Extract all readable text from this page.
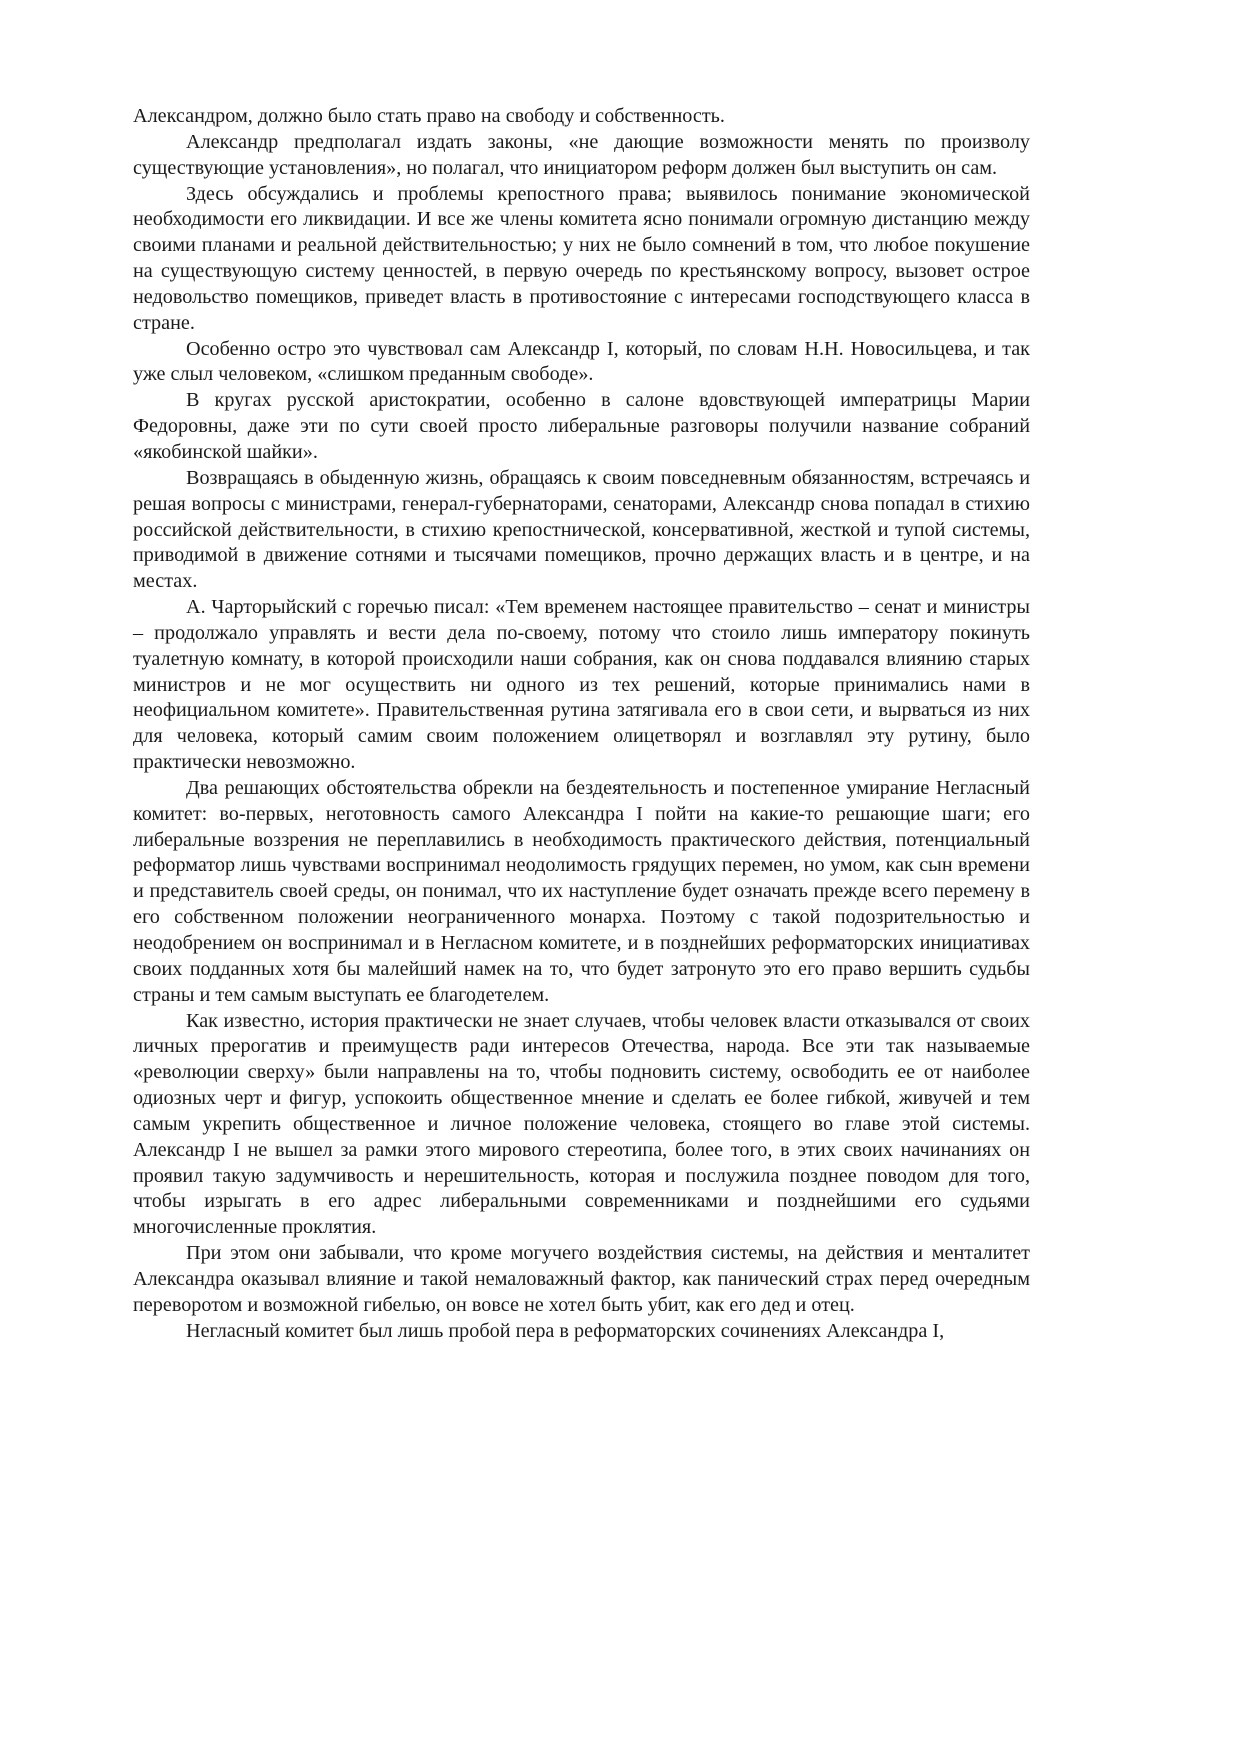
Александром, должно было стать право на свободу и собственность.

Александр предполагал издать законы, «не дающие возможности менять по произволу существующие установления», но полагал, что инициатором реформ должен был выступить он сам.

Здесь обсуждались и проблемы крепостного права; выявилось понимание экономической необходимости его ликвидации. И все же члены комитета ясно понимали огромную дистанцию между своими планами и реальной действительностью; у них не было сомнений в том, что любое покушение на существующую систему ценностей, в первую очередь по крестьянскому вопросу, вызовет острое недовольство помещиков, приведет власть в противостояние с интересами господствующего класса в стране.

Особенно остро это чувствовал сам Александр I, который, по словам Н.Н. Новосильцева, и так уже слыл человеком, «слишком преданным свободе».

В кругах русской аристократии, особенно в салоне вдовствующей императрицы Марии Федоровны, даже эти по сути своей просто либеральные разговоры получили название собраний «якобинской шайки».

Возвращаясь в обыденную жизнь, обращаясь к своим повседневным обязанностям, встречаясь и решая вопросы с министрами, генерал-губернаторами, сенаторами, Александр снова попадал в стихию российской действительности, в стихию крепостнической, консервативной, жесткой и тупой системы, приводимой в движение сотнями и тысячами помещиков, прочно держащих власть и в центре, и на местах.

А. Чарторыйский с горечью писал: «Тем временем настоящее правительство – сенат и министры – продолжало управлять и вести дела по-своему, потому что стоило лишь императору покинуть туалетную комнату, в которой происходили наши собрания, как он снова поддавался влиянию старых министров и не мог осуществить ни одного из тех решений, которые принимались нами в неофициальном комитете». Правительственная рутина затягивала его в свои сети, и вырваться из них для человека, который самим своим положением олицетворял и возглавлял эту рутину, было практически невозможно.

Два решающих обстоятельства обрекли на бездеятельность и постепенное умирание Негласный комитет: во-первых, неготовность самого Александра I пойти на какие-то решающие шаги; его либеральные воззрения не переплавились в необходимость практического действия, потенциальный реформатор лишь чувствами воспринимал неодолимость грядущих перемен, но умом, как сын времени и представитель своей среды, он понимал, что их наступление будет означать прежде всего перемену в его собственном положении неограниченного монарха. Поэтому с такой подозрительностью и неодобрением он воспринимал и в Негласном комитете, и в позднейших реформаторских инициативах своих подданных хотя бы малейший намек на то, что будет затронуто это его право вершить судьбы страны и тем самым выступать ее благодетелем.

Как известно, история практически не знает случаев, чтобы человек власти отказывался от своих личных прерогатив и преимуществ ради интересов Отечества, народа. Все эти так называемые «революции сверху» были направлены на то, чтобы подновить систему, освободить ее от наиболее одиозных черт и фигур, успокоить общественное мнение и сделать ее более гибкой, живучей и тем самым укрепить общественное и личное положение человека, стоящего во главе этой системы. Александр I не вышел за рамки этого мирового стереотипа, более того, в этих своих начинаниях он проявил такую задумчивость и нерешительность, которая и послужила позднее поводом для того, чтобы изрыгать в его адрес либеральными современниками и позднейшими его судьями многочисленные проклятия.

При этом они забывали, что кроме могучего воздействия системы, на действия и менталитет Александра оказывал влияние и такой немаловажный фактор, как панический страх перед очередным переворотом и возможной гибелью, он вовсе не хотел быть убит, как его дед и отец.

Негласный комитет был лишь пробой пера в реформаторских сочинениях Александра I,
